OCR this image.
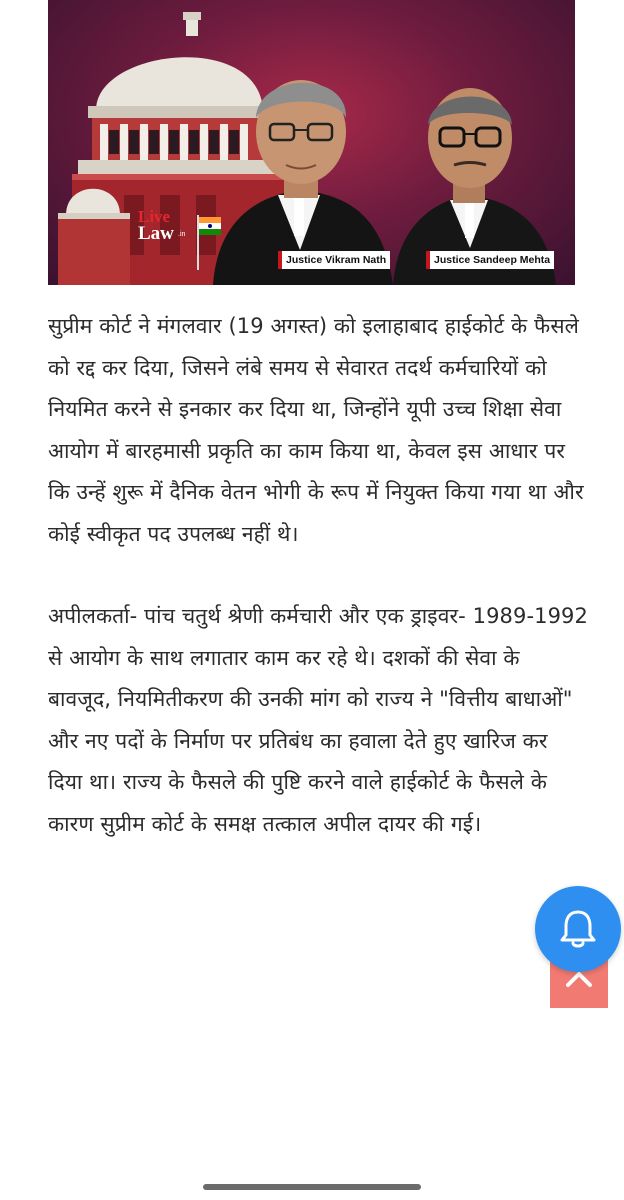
Live
Law .in
Justice Vikram Nath	Justice Sandeep Mehta

सुप्रीम कोर्ट ने मंगलवार (19 अगस्त) को इलाहाबाद हाईकोर्ट के फैसले को रद्द कर दिया, जिसने लंबे समय से सेवारत तदर्थ कर्मचारियों को नियमित करने से इनकार कर दिया था, जिन्होंने यूपी उच्च शिक्षा सेवा आयोग में बारहमासी प्रकृति का काम किया था, केवल इस आधार पर कि उन्हें शुरू में दैनिक वेतन भोगी के रूप में नियुक्त किया गया था और कोई स्वीकृत पद उपलब्ध नहीं थे।

अपीलकर्ता- पांच चतुर्थ श्रेणी कर्मचारी और एक ड्राइवर- 1989-1992 से आयोग के साथ लगातार काम कर रहे थे। दशकों की सेवा के बावजूद, नियमितीकरण की उनकी मांग को राज्य ने "वित्तीय बाधाओं" और नए पदों के निर्माण पर प्रतिबंध का हवाला देते हुए खारिज कर दिया था। राज्य के फैसले की पुष्टि करने वाले हाईकोर्ट के फैसले के कारण सुप्रीम कोर्ट के समक्ष तत्काल अपील दायर की गई।
